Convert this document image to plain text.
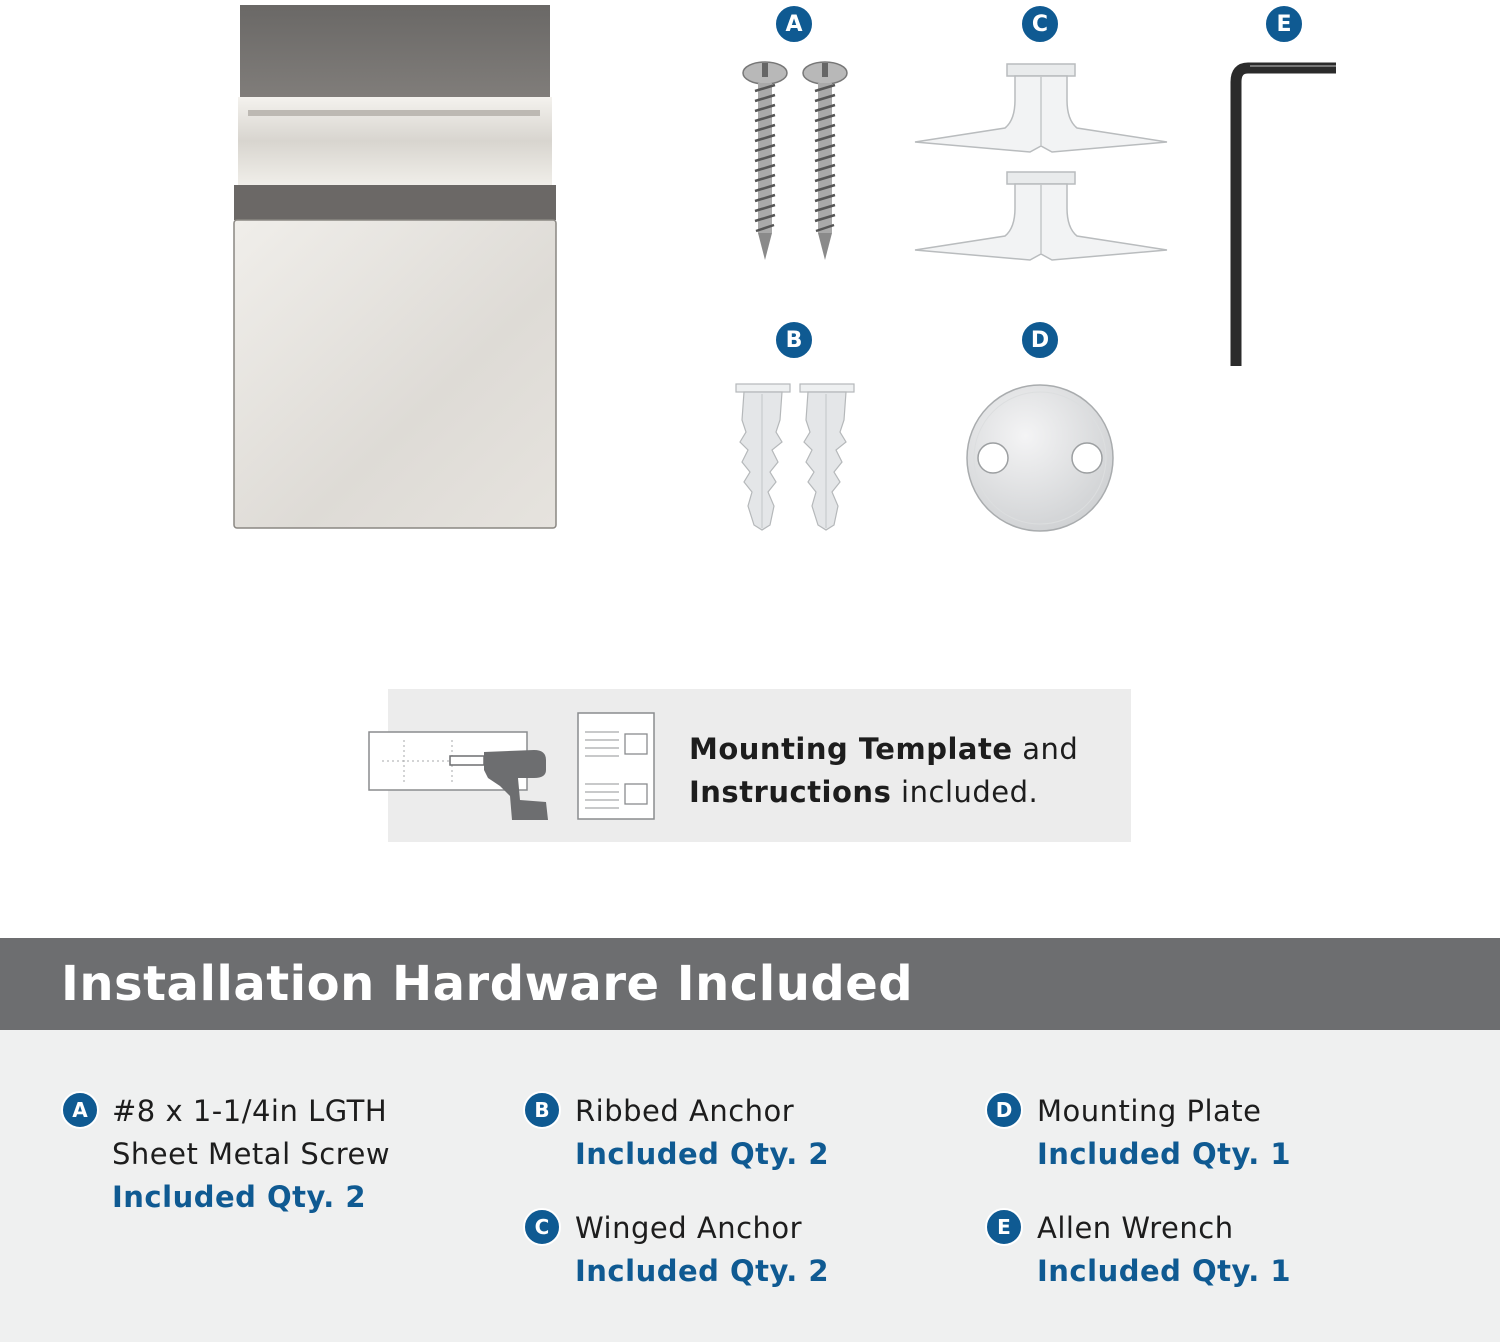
A
B
C
D
E
Mounting Template and
Instructions included.
Installation Hardware Included
A #8 x 1-1/4in LGTH
Sheet Metal Screw
Included Qty. 2
B Ribbed Anchor
Included Qty. 2
C Winged Anchor
Included Qty. 2
D Mounting Plate
Included Qty. 1
E Allen Wrench
Included Qty. 1
